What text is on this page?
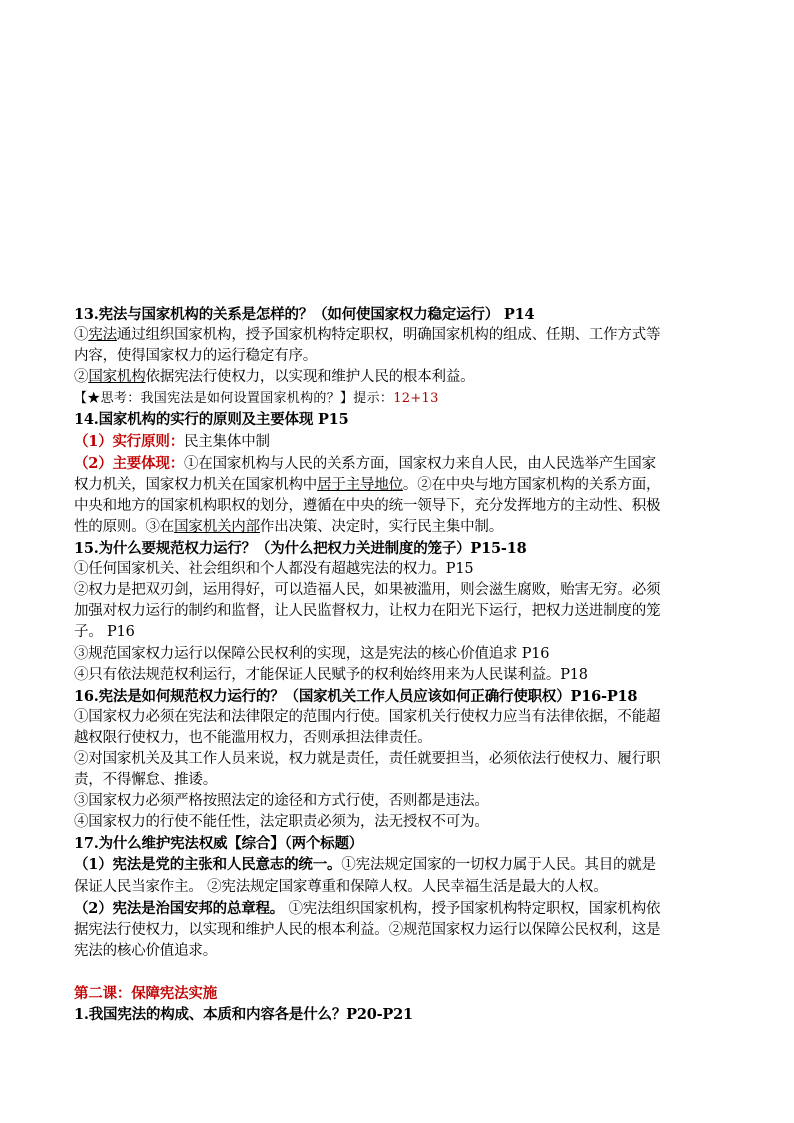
13.宪法与国家机构的关系是怎样的？（如何使国家权力稳定运行） P14
①宪法通过组织国家机构，授予国家机构特定职权，明确国家机构的组成、任期、工作方式等
内容，使得国家权力的运行稳定有序。
②国家机构依据宪法行使权力，以实现和维护人民的根本利益。
【★思考：我国宪法是如何设置国家机构的？】提示：12+13
14.国家机构的实行的原则及主要体现 P15
（1）实行原则：民主集体中制
（2）主要体现：①在国家机构与人民的关系方面，国家权力来自人民，由人民选举产生国家
权力机关，国家权力机关在国家机构中居于主导地位。②在中央与地方国家机构的关系方面，
中央和地方的国家机构职权的划分，遵循在中央的统一领导下，充分发挥地方的主动性、积极
性的原则。③在国家机关内部作出决策、决定时，实行民主集中制。
15.为什么要规范权力运行？（为什么把权力关进制度的笼子）P15-18
①任何国家机关、社会组织和个人都没有超越宪法的权力。P15
②权力是把双刃剑，运用得好，可以造福人民，如果被滥用，则会滋生腐败，贻害无穷。必须
加强对权力运行的制约和监督，让人民监督权力，让权力在阳光下运行，把权力送进制度的笼
子。 P16
③规范国家权力运行以保障公民权利的实现，这是宪法的核心价值追求 P16
④只有依法规范权利运行，才能保证人民赋予的权利始终用来为人民谋利益。P18
16.宪法是如何规范权力运行的？（国家机关工作人员应该如何正确行使职权）P16-P18
①国家权力必须在宪法和法律限定的范围内行使。国家机关行使权力应当有法律依据，不能超
越权限行使权力，也不能滥用权力，否则承担法律责任。
②对国家机关及其工作人员来说，权力就是责任，责任就要担当，必须依法行使权力、履行职
责，不得懈怠、推诿。
③国家权力必须严格按照法定的途径和方式行使，否则都是违法。
④国家权力的行使不能任性，法定职责必须为，法无授权不可为。
17.为什么维护宪法权威【综合】（两个标题）
（1）宪法是党的主张和人民意志的统一。①宪法规定国家的一切权力属于人民。其目的就是
保证人民当家作主。 ②宪法规定国家尊重和保障人权。人民幸福生活是最大的人权。
（2）宪法是治国安邦的总章程。 ①宪法组织国家机构，授予国家机构特定职权，国家机构依
据宪法行使权力，以实现和维护人民的根本利益。②规范国家权力运行以保障公民权利，这是
宪法的核心价值追求。
第二课：保障宪法实施
1.我国宪法的构成、本质和内容各是什么？P20-P21
